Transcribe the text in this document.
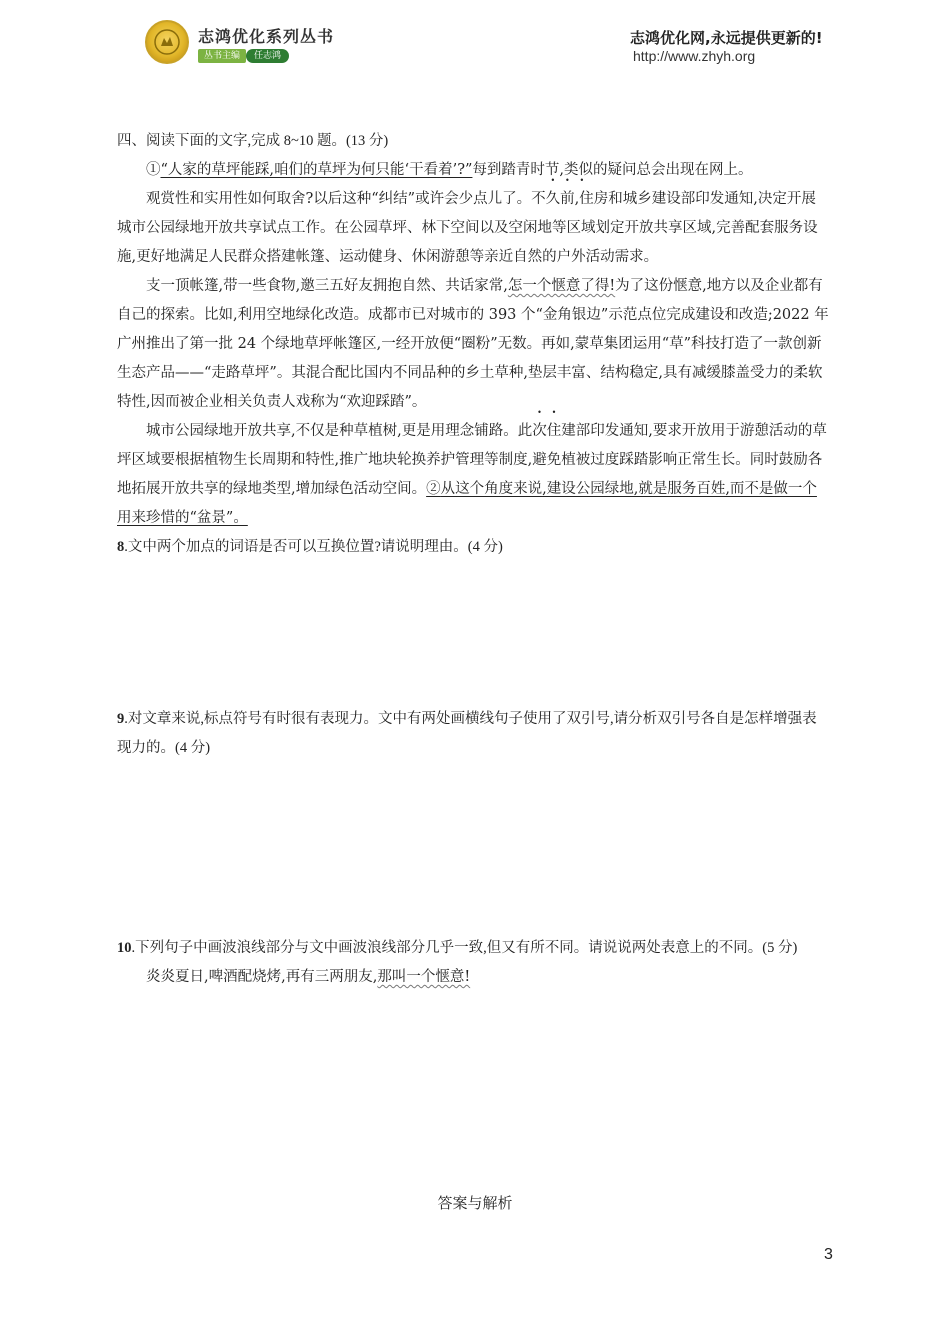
志鸿优化系列丛书
丛书主编	任志鸿
志鸿优化网,永远提供更新的!
http://www.zhyh.org

四、阅读下面的文字,完成 8~10 题。(13 分)

①“人家的草坪能踩,咱们的草坪为何只能‘干看着’?”每到踏青时节,类似的疑问总会出现在网上。

观赏性和实用性如何取舍?以后这种“纠结”或许会少点儿了。不久前,住房和城乡建设部印发通知,决定开展城市公园绿地开放共享试点工作。在公园草坪、林下空间以及空闲地等区域划定开放共享区域,完善配套服务设施,更好地满足人民群众搭建帐篷、运动健身、休闲游憩等亲近自然的户外活动需求。

支一顶帐篷,带一些食物,邀三五好友拥抱自然、共话家常,怎一个惬意了得!为了这份惬意,地方以及企业都有自己的探索。比如,利用空地绿化改造。成都市已对城市的 393 个“金角银边”示范点位完成建设和改造;2022 年广州推出了第一批 24 个绿地草坪帐篷区,一经开放便“圈粉”无数。再如,蒙草集团运用“草”科技打造了一款创新生态产品——“走路草坪”。其混合配比国内不同品种的乡土草种,垫层丰富、结构稳定,具有减缓膝盖受力的柔软特性,因而被企业相关负责人戏称为“欢迎踩踏”。

城市公园绿地开放共享,不仅是种草植树,更是用理念铺路。此次住建部印发通知,要求开放用于游憩活动的草坪区域要根据植物生长周期和特性,推广地块轮换养护管理等制度,避免植被过度踩踏影响正常生长。同时鼓励各地拓展开放共享的绿地类型,增加绿色活动空间。②从这个角度来说,建设公园绿地,就是服务百姓,而不是做一个用来珍惜的“盆景”。

8.文中两个加点的词语是否可以互换位置?请说明理由。(4 分)

9.对文章来说,标点符号有时很有表现力。文中有两处画横线句子使用了双引号,请分析双引号各自是怎样增强表现力的。(4 分)

10.下列句子中画波浪线部分与文中画波浪线部分几乎一致,但又有所不同。请说说两处表意上的不同。(5 分)

炎炎夏日,啤酒配烧烤,再有三两朋友,那叫一个惬意!

答案与解析
3
